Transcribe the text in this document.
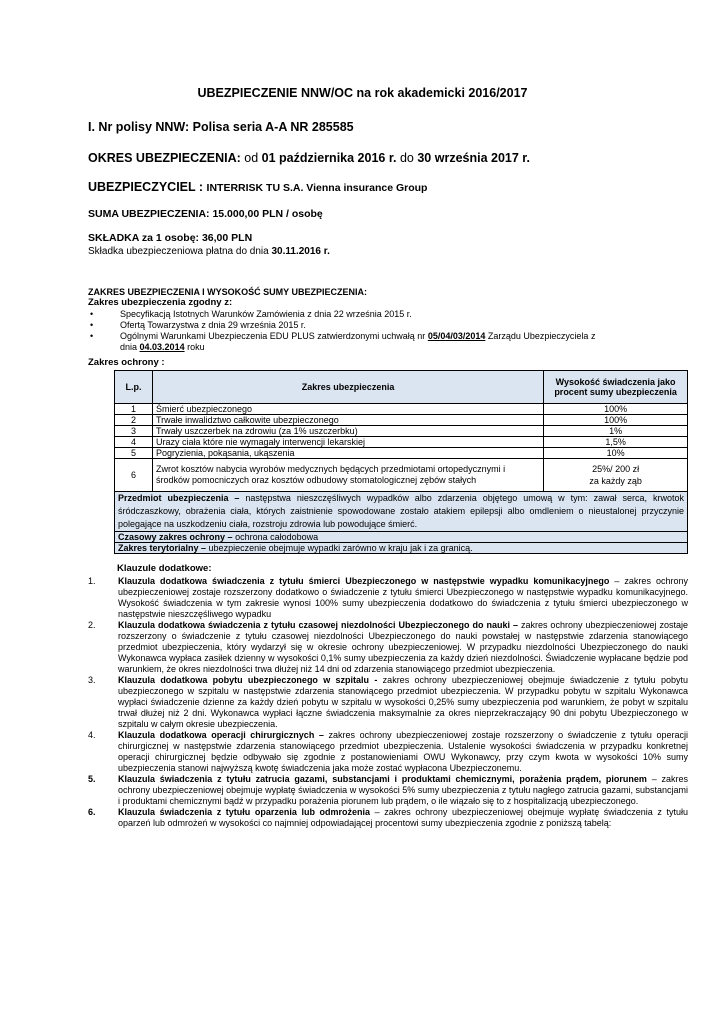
UBEZPIECZENIE NNW/OC na rok akademicki 2016/2017
I. Nr polisy NNW: Polisa seria A-A NR 285585
OKRES UBEZPIECZENIA: od 01 października 2016 r. do 30 września 2017 r.
UBEZPIECZYCIEL : INTERRISK TU S.A. Vienna insurance Group
SUMA UBEZPIECZENIA: 15.000,00 PLN / osobę
SKŁADKA za 1 osobę: 36,00 PLN
Składka ubezpieczeniowa płatna do dnia 30.11.2016 r.
ZAKRES UBEZPIECZENIA I WYSOKOŚĆ SUMY UBEZPIECZENIA:
Zakres ubezpieczenia zgodny z:
• Specyfikacją Istotnych Warunków Zamówienia z dnia 22 września 2015 r.
• Ofertą Towarzystwa z dnia 29 września 2015 r.
• Ogólnymi Warunkami Ubezpieczenia EDU PLUS zatwierdzonymi uchwałą nr 05/04/03/2014 Zarządu Ubezpieczyciela z
dnia 04.03.2014 roku
Zakres ochrony :
L.p.	Zakres ubezpieczenia	Wysokość świadczenia jako procent sumy ubezpieczenia
1	Śmierć ubezpieczonego	100%
2	Trwałe inwalidztwo całkowite ubezpieczonego	100%
3	Trwały uszczerbek na zdrowiu (za 1% uszczerbku)	1%
4	Urazy ciała które nie wymagały interwencji lekarskiej	1,5%
5	Pogryzienia, pokąsania, ukąszenia	10%
6	Zwrot kosztów nabycia wyrobów medycznych będących przedmiotami ortopedycznymi i środków pomocniczych oraz kosztów odbudowy stomatologicznej zębów stałych	25%/ 200 zł
za każdy ząb
Przedmiot ubezpieczenia – następstwa nieszczęśliwych wypadków albo zdarzenia objętego umową w tym: zawał serca, krwotok śródczaszkowy, obrażenia ciała, których zaistnienie spowodowane zostało atakiem epilepsji albo omdleniem o nieustalonej przyczynie polegające na uszkodzeniu ciała, rozstroju zdrowia lub powodujące śmierć.		
Czasowy zakres ochrony – ochrona całodobowa		
Zakres terytorialny – ubezpieczenie obejmuje wypadki zarówno w kraju jak i za granicą.		
Klauzule dodatkowe:
1. Klauzula dodatkowa świadczenia z tytułu śmierci Ubezpieczonego w następstwie wypadku komunikacyjnego – zakres ochrony ubezpieczeniowej zostaje rozszerzony dodatkowo o świadczenie z tytułu śmierci Ubezpieczonego w następstwie wypadku komunikacyjnego. Wysokość świadczenia w tym zakresie wynosi 100% sumy ubezpieczenia dodatkowo do świadczenia z tytułu śmierci ubezpieczonego w następstwie nieszczęśliwego wypadku
2. Klauzula dodatkowa świadczenia z tytułu czasowej niezdolności Ubezpieczonego do nauki – zakres ochrony ubezpieczeniowej zostaje rozszerzony o świadczenie z tytułu czasowej niezdolności Ubezpieczonego do nauki powstałej w następstwie zdarzenia stanowiącego przedmiot ubezpieczenia, który wydarzył się w okresie ochrony ubezpieczeniowej. W przypadku niezdolności Ubezpieczonego do nauki Wykonawca wypłaca zasiłek dzienny w wysokości 0,1% sumy ubezpieczenia za każdy dzień niezdolności. Świadczenie wypłacane będzie pod warunkiem, że okres niezdolności trwa dłużej niż 14 dni od zdarzenia stanowiącego przedmiot ubezpieczenia.
3. Klauzula dodatkowa pobytu ubezpieczonego w szpitalu - zakres ochrony ubezpieczeniowej obejmuje świadczenie z tytułu pobytu ubezpieczonego w szpitalu w następstwie zdarzenia stanowiącego przedmiot ubezpieczenia. W przypadku pobytu w szpitalu Wykonawca wypłaci świadczenie dzienne za każdy dzień pobytu w szpitalu w wysokości 0,25% sumy ubezpieczenia pod warunkiem, że pobyt w szpitalu trwał dłużej niż 2 dni. Wykonawca wypłaci łączne świadczenia maksymalnie za okres nieprzekraczający 90 dni pobytu Ubezpieczonego w szpitalu w całym okresie ubezpieczenia.
4. Klauzula dodatkowa operacji chirurgicznych – zakres ochrony ubezpieczeniowej zostaje rozszerzony o świadczenie z tytułu operacji chirurgicznej w następstwie zdarzenia stanowiącego przedmiot ubezpieczenia. Ustalenie wysokości świadczenia w przypadku konkretnej operacji chirurgicznej będzie odbywało się zgodnie z postanowieniami OWU Wykonawcy, przy czym kwota w wysokości 10% sumy ubezpieczenia stanowi najwyższą kwotę świadczenia jaka może zostać wypłacona Ubezpieczonemu.
5. Klauzula świadczenia z tytułu zatrucia gazami, substancjami i produktami chemicznymi, porażenia prądem, piorunem – zakres ochrony ubezpieczeniowej obejmuje wypłatę świadczenia w wysokości 5% sumy ubezpieczenia z tytułu nagłego zatrucia gazami, substancjami i produktami chemicznymi bądź w przypadku porażenia piorunem lub prądem, o ile wiązało się to z hospitalizacją ubezpieczonego.
6. Klauzula świadczenia z tytułu oparzenia lub odmrożenia – zakres ochrony ubezpieczeniowej obejmuje wypłatę świadczenia z tytułu oparzeń lub odmrożeń w wysokości co najmniej odpowiadającej procentowi sumy ubezpieczenia zgodnie z poniższą tabelą:
